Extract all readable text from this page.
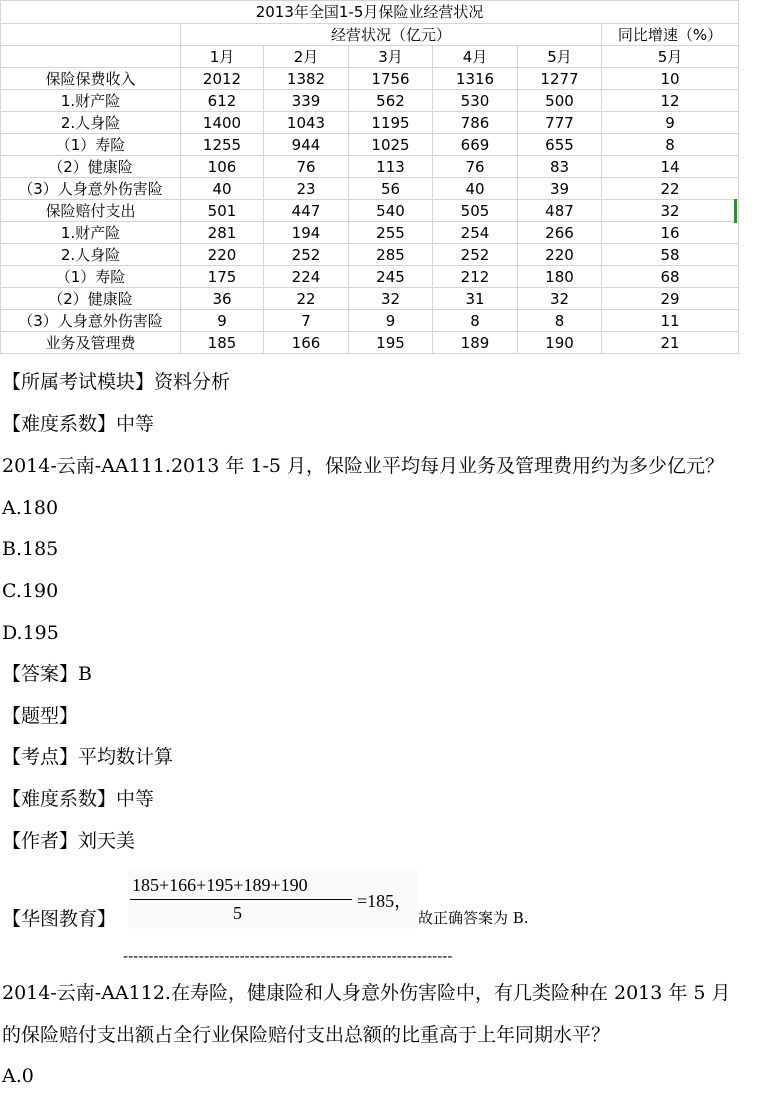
2013年全国1-5月保险业经营状况						
	经营状况（亿元）					同比增速（%）
	1月	2月	3月	4月	5月	5月
保险保费收入	2012	1382	1756	1316	1277	10
1.财产险	612	339	562	530	500	12
2.人身险	1400	1043	1195	786	777	9
（1）寿险	1255	944	1025	669	655	8
（2）健康险	106	76	113	76	83	14
（3）人身意外伤害险	40	23	56	40	39	22
保险赔付支出	501	447	540	505	487	32
1.财产险	281	194	255	254	266	16
2.人身险	220	252	285	252	220	58
（1）寿险	175	224	245	212	180	68
（2）健康险	36	22	32	31	32	29
（3）人身意外伤害险	9	7	9	8	8	11
业务及管理费	185	166	195	189	190	21
【所属考试模块】资料分析
【难度系数】中等
2014-云南-AA111.2013 年 1-5 月，保险业平均每月业务及管理费用约为多少亿元？
A.180
B.185
C.190
D.195
【答案】B
【题型】
【考点】平均数计算
【难度系数】中等
【作者】刘天美
【华图教育】
185+166+195+189+190
5
=185，
故正确答案为 B.
-----------------------------------------------------------------
2014-云南-AA112.在寿险，健康险和人身意外伤害险中，有几类险种在 2013 年 5 月
的保险赔付支出额占全行业保险赔付支出总额的比重高于上年同期水平？
A.0
